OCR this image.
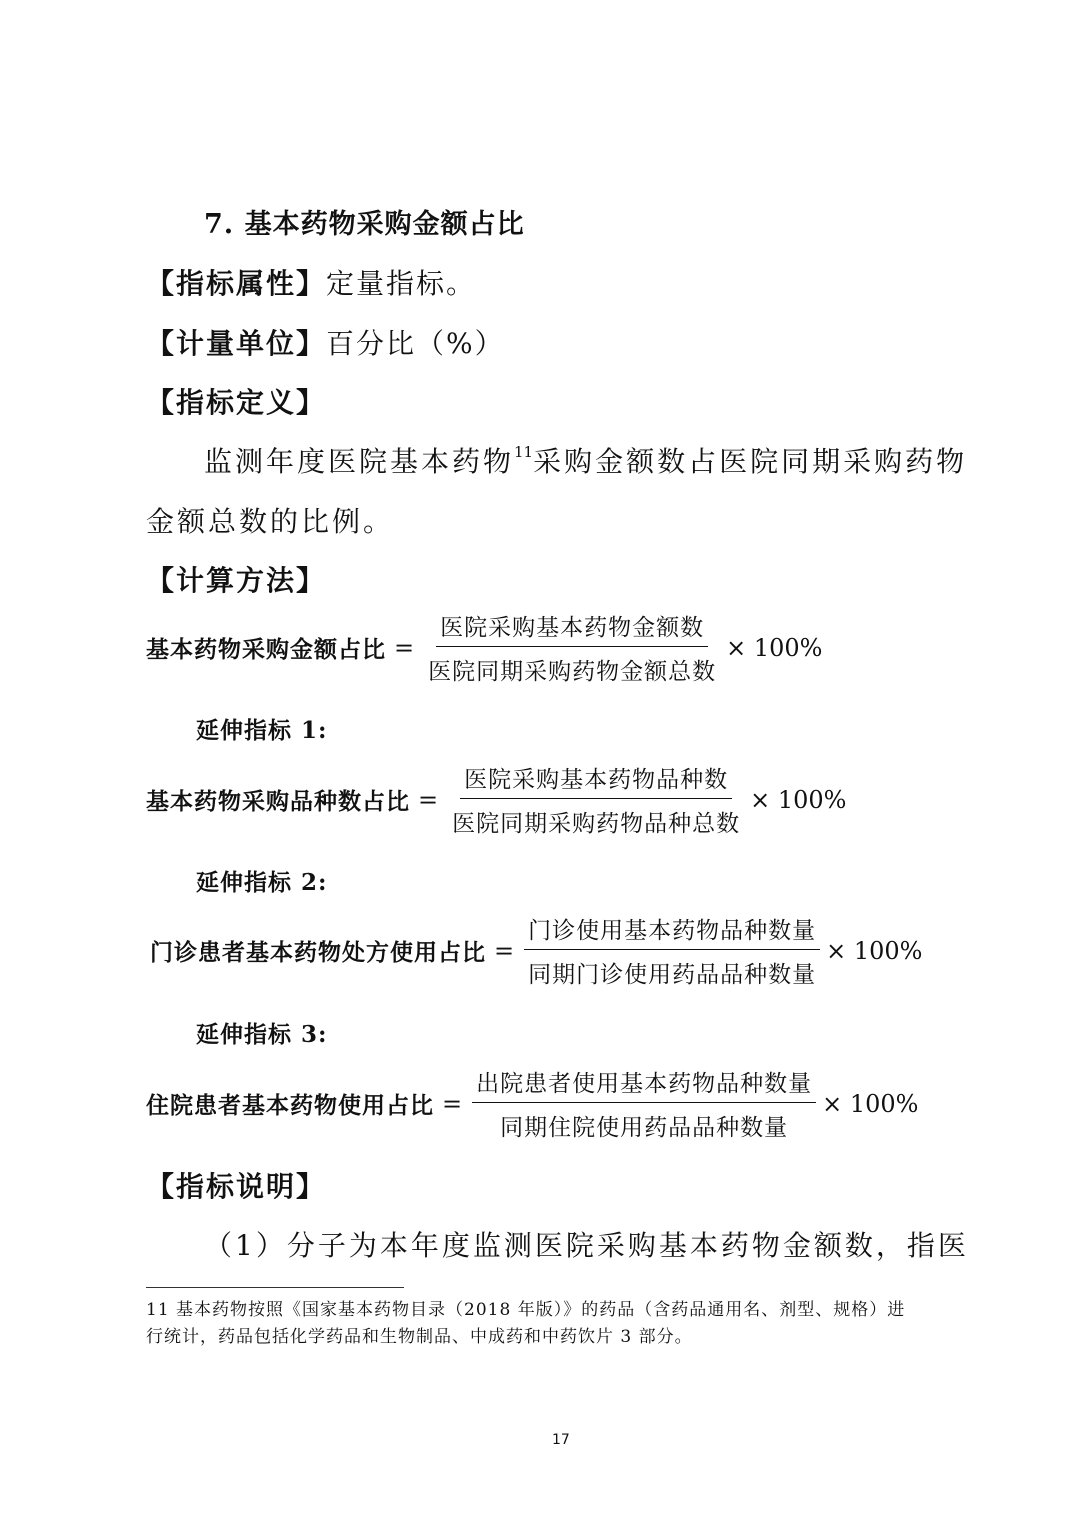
7. 基本药物采购金额占比
【指标属性】定量指标。
【计量单位】百分比（%）
【指标定义】
监测年度医院基本药物$^{11}$采购金额数占医院同期采购药物
金额总数的比例。
【计算方法】
基本药物采购金额占比 = $\frac{\text{医院采购基本药物金额数}}{\text{医院同期采购药物金额总数}} \times 100\%$
延伸指标 1:
基本药物采购品种数占比 = $\frac{\text{医院采购基本药物品种数}}{\text{医院同期采购药物品种总数}} \times 100\%$
延伸指标 2:
门诊患者基本药物处方使用占比 = $\frac{\text{门诊使用基本药物品种数量}}{\text{同期门诊使用药品品种数量}} \times 100\%$
延伸指标 3:
住院患者基本药物使用占比 = $\frac{\text{出院患者使用基本药物品种数量}}{\text{同期住院使用药品品种数量}} \times 100\%$
【指标说明】
（1）分子为本年度监测医院采购基本药物金额数，指医
11 基本药物按照《国家基本药物目录（2018 年版）》的药品（含药品通用名、剂型、规格）进
行统计，药品包括化学药品和生物制品、中成药和中药饮片 3 部分。
17
